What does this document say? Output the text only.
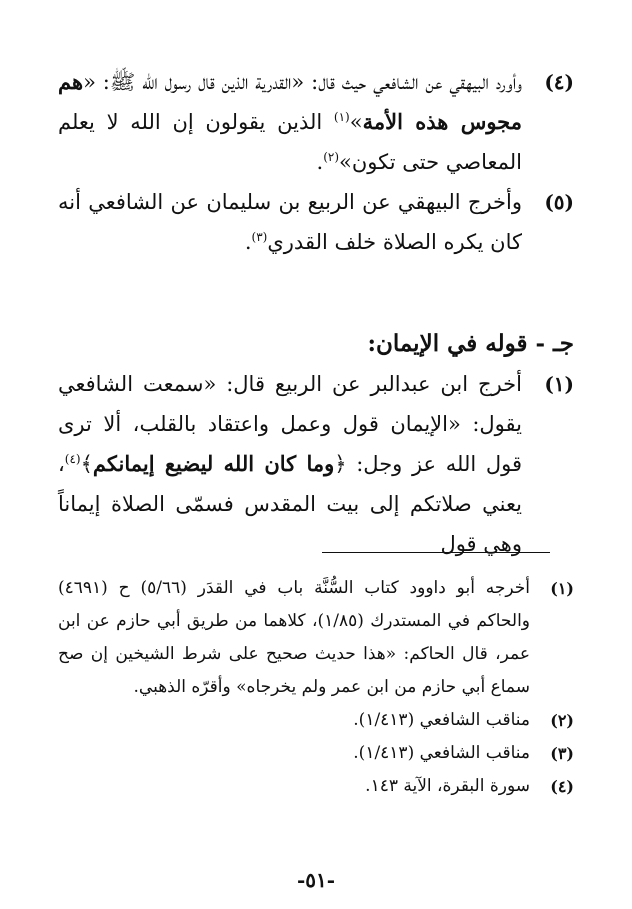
(٤)
وأورد البيهقي عن الشافعي حيث قال: «القدرية الذين قال رسول الله ﷺ: «هم مجوس هذه الأمة»$^{(١)}$ الذين يقولون إن الله لا يعلم المعاصي حتى تكون»$^{(٢)}$.
(٥)
وأخرج البيهقي عن الربيع بن سليمان عن الشافعي أنه كان يكره الصلاة خلف القدري$^{(٣)}$.
جـ - قوله في الإيمان:
(١)
أخرج ابن عبدالبر عن الربيع قال: «سمعت الشافعي يقول: «الإيمان قول وعمل واعتقاد بالقلب، ألا ترى قول الله عز وجل: ﴿وما كان الله ليضيع إيمانكم﴾$^{(٤)}$، يعني صلاتكم إلى بيت المقدس فسمّى الصلاة إيماناً وهي قول
(١)
أخرجه أبو داوود كتاب السُّنَّة باب في القدَر (٥/٦٦) ح (٤٦٩١) والحاكم في المستدرك (١/٨٥)، كلاهما من طريق أبي حازم عن ابن عمر، قال الحاكم: «هذا حديث صحيح على شرط الشيخين إن صح سماع أبي حازم من ابن عمر ولم يخرجاه» وأقرّه الذهبي.
(٢)
مناقب الشافعي (١/٤١٣).
(٣)
مناقب الشافعي (١/٤١٣).
(٤)
سورة البقرة، الآية ١٤٣.
-٥١-
